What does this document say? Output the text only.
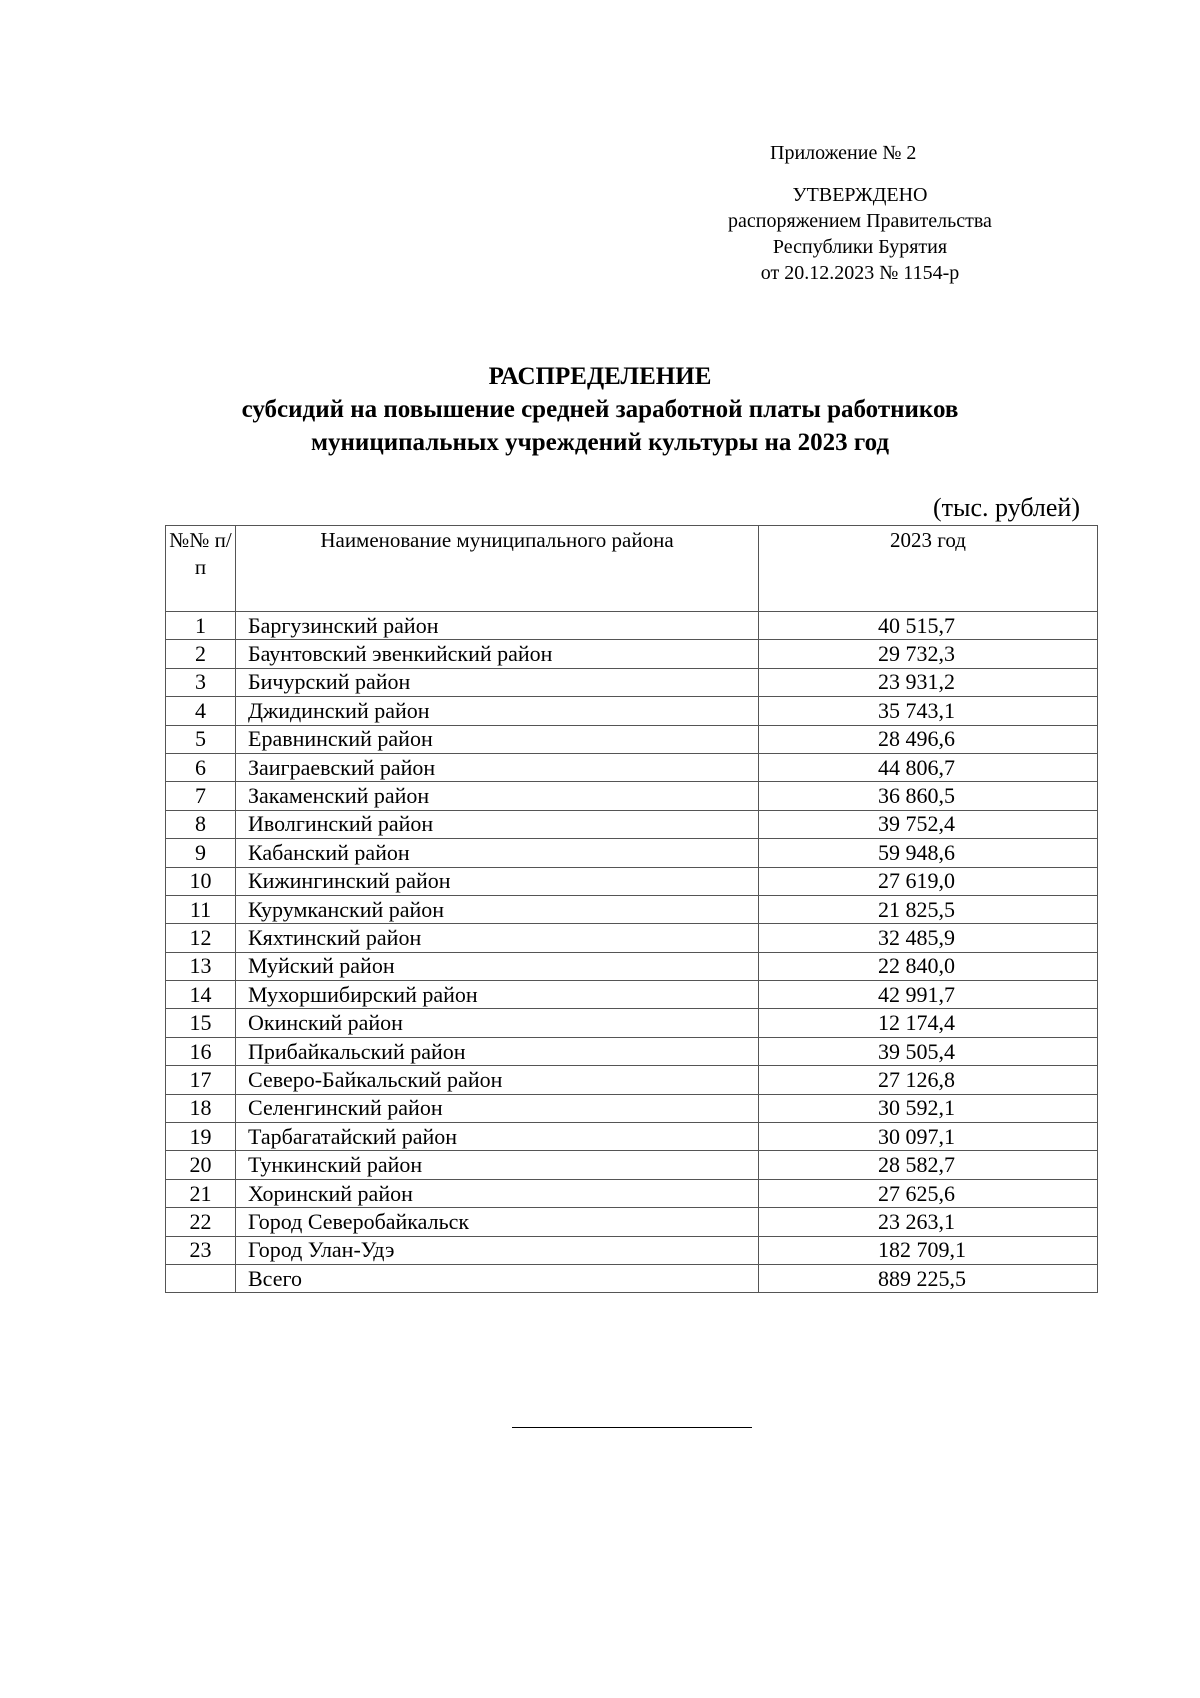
Приложение № 2
УТВЕРЖДЕНО
распоряжением Правительства
Республики Бурятия
от 20.12.2023 № 1154-р
РАСПРЕДЕЛЕНИЕ
субсидий на повышение средней заработной платы работников
муниципальных учреждений культуры на 2023 год
(тыс. рублей)
№№ п/п	Наименование муниципального района	2023 год
1	Баргузинский район	40 515,7
2	Баунтовский эвенкийский район	29 732,3
3	Бичурский район	23 931,2
4	Джидинский район	35 743,1
5	Еравнинский район	28 496,6
6	Заиграевский район	44 806,7
7	Закаменский район	36 860,5
8	Иволгинский район	39 752,4
9	Кабанский район	59 948,6
10	Кижингинский район	27 619,0
11	Курумканский район	21 825,5
12	Кяхтинский район	32 485,9
13	Муйский район	22 840,0
14	Мухоршибирский район	42 991,7
15	Окинский район	12 174,4
16	Прибайкальский район	39 505,4
17	Северо-Байкальский район	27 126,8
18	Селенгинский район	30 592,1
19	Тарбагатайский район	30 097,1
20	Тункинский район	28 582,7
21	Хоринский район	27 625,6
22	Город Северобайкальск	23 263,1
23	Город Улан-Удэ	182 709,1
	Всего	889 225,5
